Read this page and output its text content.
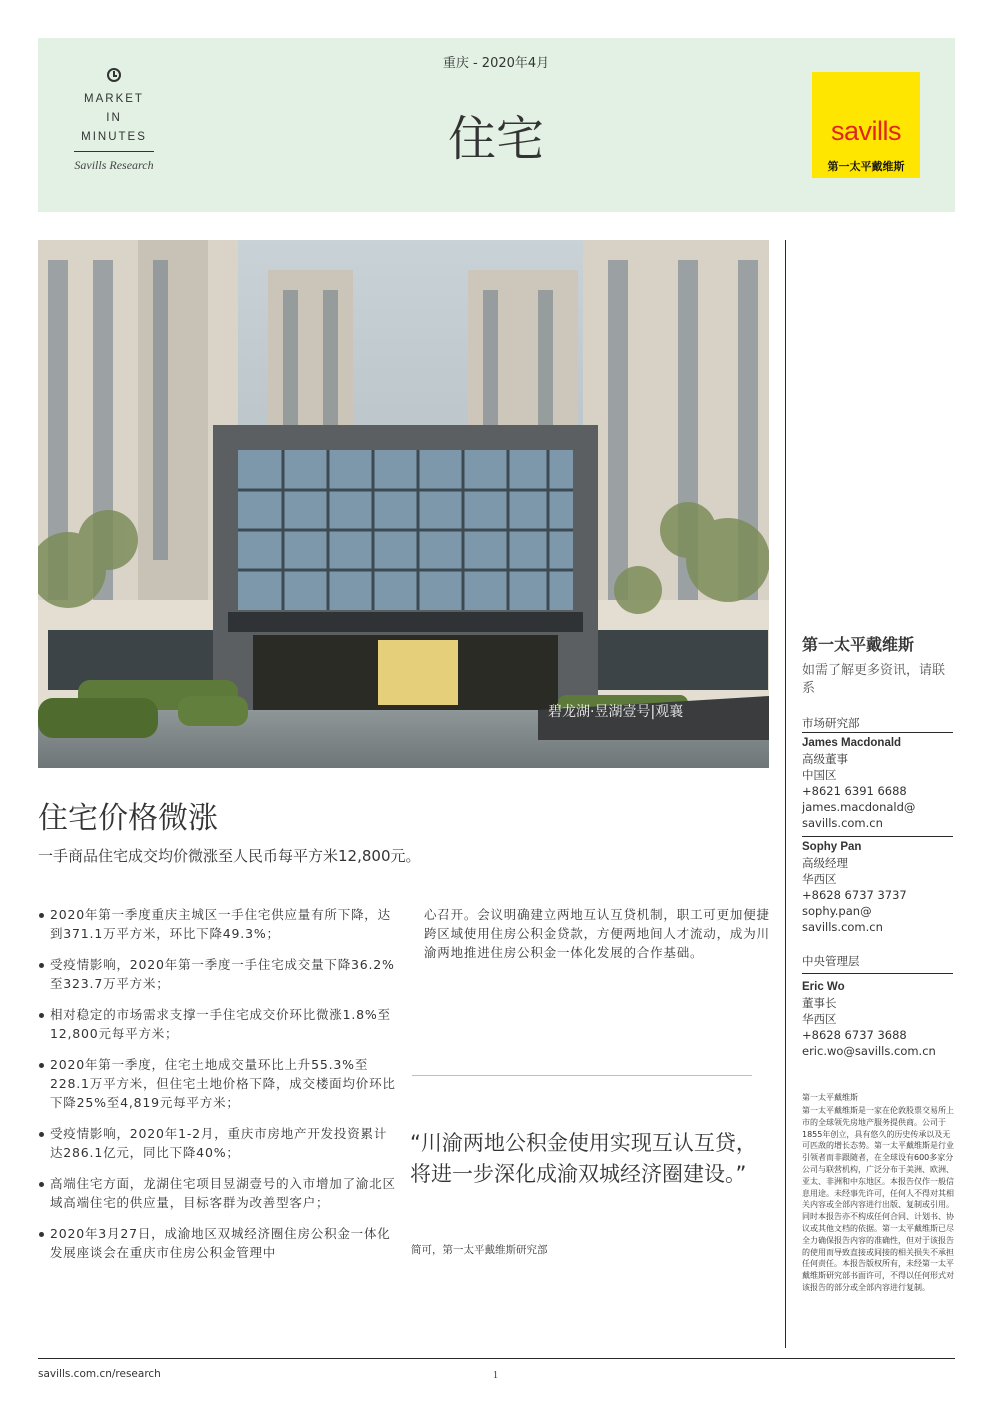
MARKET
IN
MINUTES
Savills Research
重庆 - 2020年4月
住宅	savills
第一太平戴维斯
碧龙湖·昱湖壹号|观襄
住宅价格微涨
一手商品住宅成交均价微涨至人民币每平方米12,800元。
2020年第一季度重庆主城区一手住宅供应量有所下降，达到371.1万平方米，环比下降49.3%；
受疫情影响，2020年第一季度一手住宅成交量下降36.2%至323.7万平方米；
相对稳定的市场需求支撑一手住宅成交价环比微涨1.8%至12,800元每平方米；
2020年第一季度，住宅土地成交量环比上升55.3%至228.1万平方米，但住宅土地价格下降，成交楼面均价环比下降25%至4,819元每平方米；
受疫情影响，2020年1-2月，重庆市房地产开发投资累计达286.1亿元，同比下降40%；
高端住宅方面，龙湖住宅项目昱湖壹号的入市增加了渝北区域高端住宅的供应量，目标客群为改善型客户；
2020年3月27日，成渝地区双城经济圈住房公积金一体化发展座谈会在重庆市住房公积金管理中
心召开。会议明确建立两地互认互贷机制，职工可更加便捷跨区域使用住房公积金贷款，方便两地间人才流动，成为川渝两地推进住房公积金一体化发展的合作基础。
“川渝两地公积金使用实现互认互贷，将进一步深化成渝双城经济圈建设。”
简可，第一太平戴维斯研究部
第一太平戴维斯
如需了解更多资讯，请联系
市场研究部
James Macdonald
高级董事
中国区
+8621 6391 6688
james.macdonald@
savills.com.cn
Sophy Pan
高级经理
华西区
+8628 6737 3737
sophy.pan@
savills.com.cn
中央管理层
Eric Wo
董事长
华西区
+8628 6737 3688
eric.wo@savills.com.cn
第一太平戴维斯
第一太平戴维斯是一家在伦敦股票交易所上市的全球领先房地产服务提供商。公司于1855年创立，具有悠久的历史传承以及无可匹敌的增长态势。第一太平戴维斯是行业引领者而非跟随者，在全球设有600多家分公司与联营机构，广泛分布于美洲、欧洲、亚太、非洲和中东地区。本报告仅作一般信息用途。未经事先许可，任何人不得对其相关内容或全部内容进行出版、复制或引用。同时本报告亦不构成任何合同、计划书、协议或其他文档的依据。第一太平戴维斯已尽全力确保报告内容的准确性，但对于该报告的使用而导致直接或间接的相关损失不承担任何责任。本报告版权所有，未经第一太平戴维斯研究部书面许可，不得以任何形式对该报告的部分或全部内容进行复制。
savills.com.cn/research	1
